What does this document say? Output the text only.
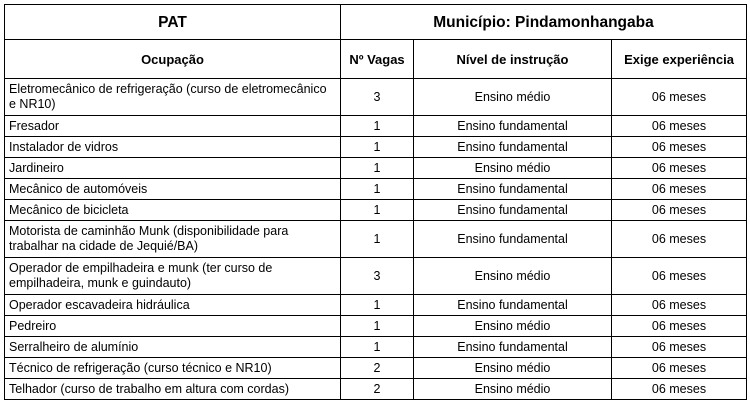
PAT	Município: Pindamonhangaba		
Ocupação	Nº Vagas	Nível de instrução	Exige experiência
Eletromecânico de refrigeração (curso de eletromecânico e NR10)	3	Ensino médio	06 meses
Fresador	1	Ensino fundamental	06 meses
Instalador de vidros	1	Ensino fundamental	06 meses
Jardineiro	1	Ensino médio	06 meses
Mecânico de automóveis	1	Ensino fundamental	06 meses
Mecânico de bicicleta	1	Ensino fundamental	06 meses
Motorista de caminhão Munk (disponibilidade para trabalhar na cidade de Jequié/BA)	1	Ensino fundamental	06 meses
Operador de empilhadeira e munk (ter curso de empilhadeira, munk e guindauto)	3	Ensino médio	06 meses
Operador escavadeira hidráulica	1	Ensino fundamental	06 meses
Pedreiro	1	Ensino médio	06 meses
Serralheiro de alumínio	1	Ensino fundamental	06 meses
Técnico de refrigeração (curso técnico e NR10)	2	Ensino médio	06 meses
Telhador (curso de trabalho em altura com cordas)	2	Ensino médio	06 meses
